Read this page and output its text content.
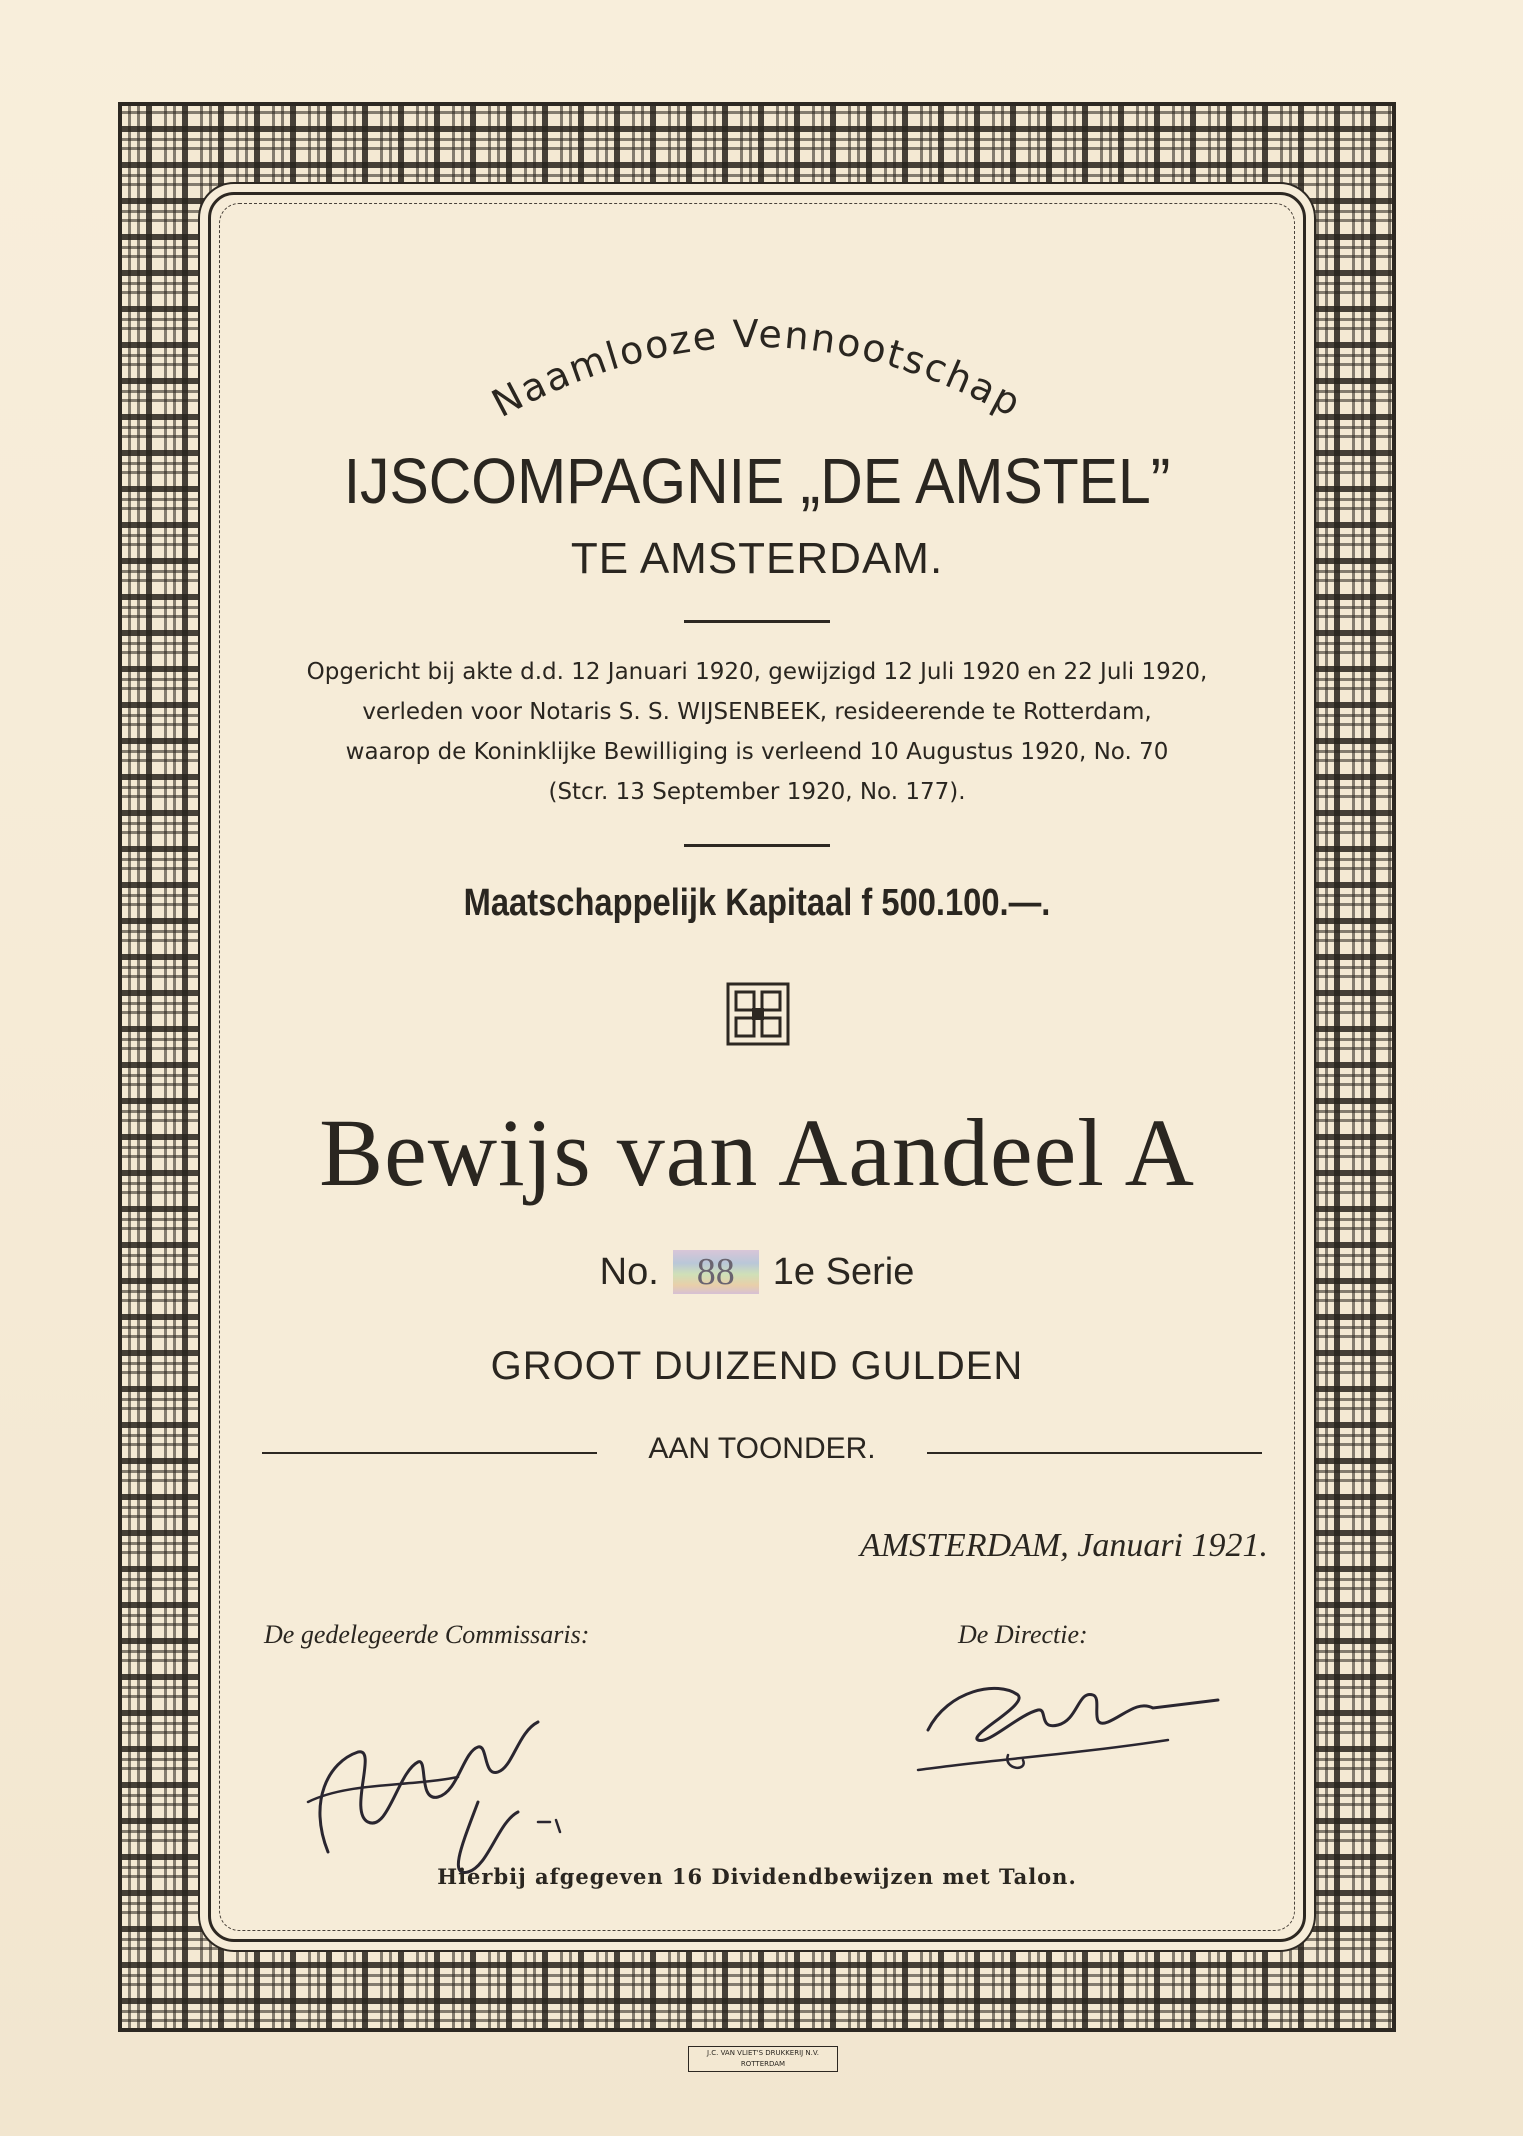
Naamlooze Vennootschap
IJSCOMPAGNIE „DE AMSTEL”
TE AMSTERDAM.
Opgericht bij akte d.d. 12 Januari 1920, gewijzigd 12 Juli 1920 en 22 Juli 1920,
verleden voor Notaris S. S. WIJSENBEEK, residеerende te Rotterdam,
waarop de Koninklijke Bewilliging is verleend 10 Augustus 1920, No. 70
(Stcr. 13 September 1920, No. 177).
Maatschappelijk Kapitaal f 500.100.—.
Bewijs van Aandeel A
No. 88 1e Serie
GROOT DUIZEND GULDEN
AAN TOONDER.
AMSTERDAM, Januari 1921.
De gedelegeerde Commissaris:	De Directie:
Hierbij afgegeven 16 Dividendbewijzen met Talon.
J.C. VAN VLIET'S DRUKKERIJ N.V.
ROTTERDAM
